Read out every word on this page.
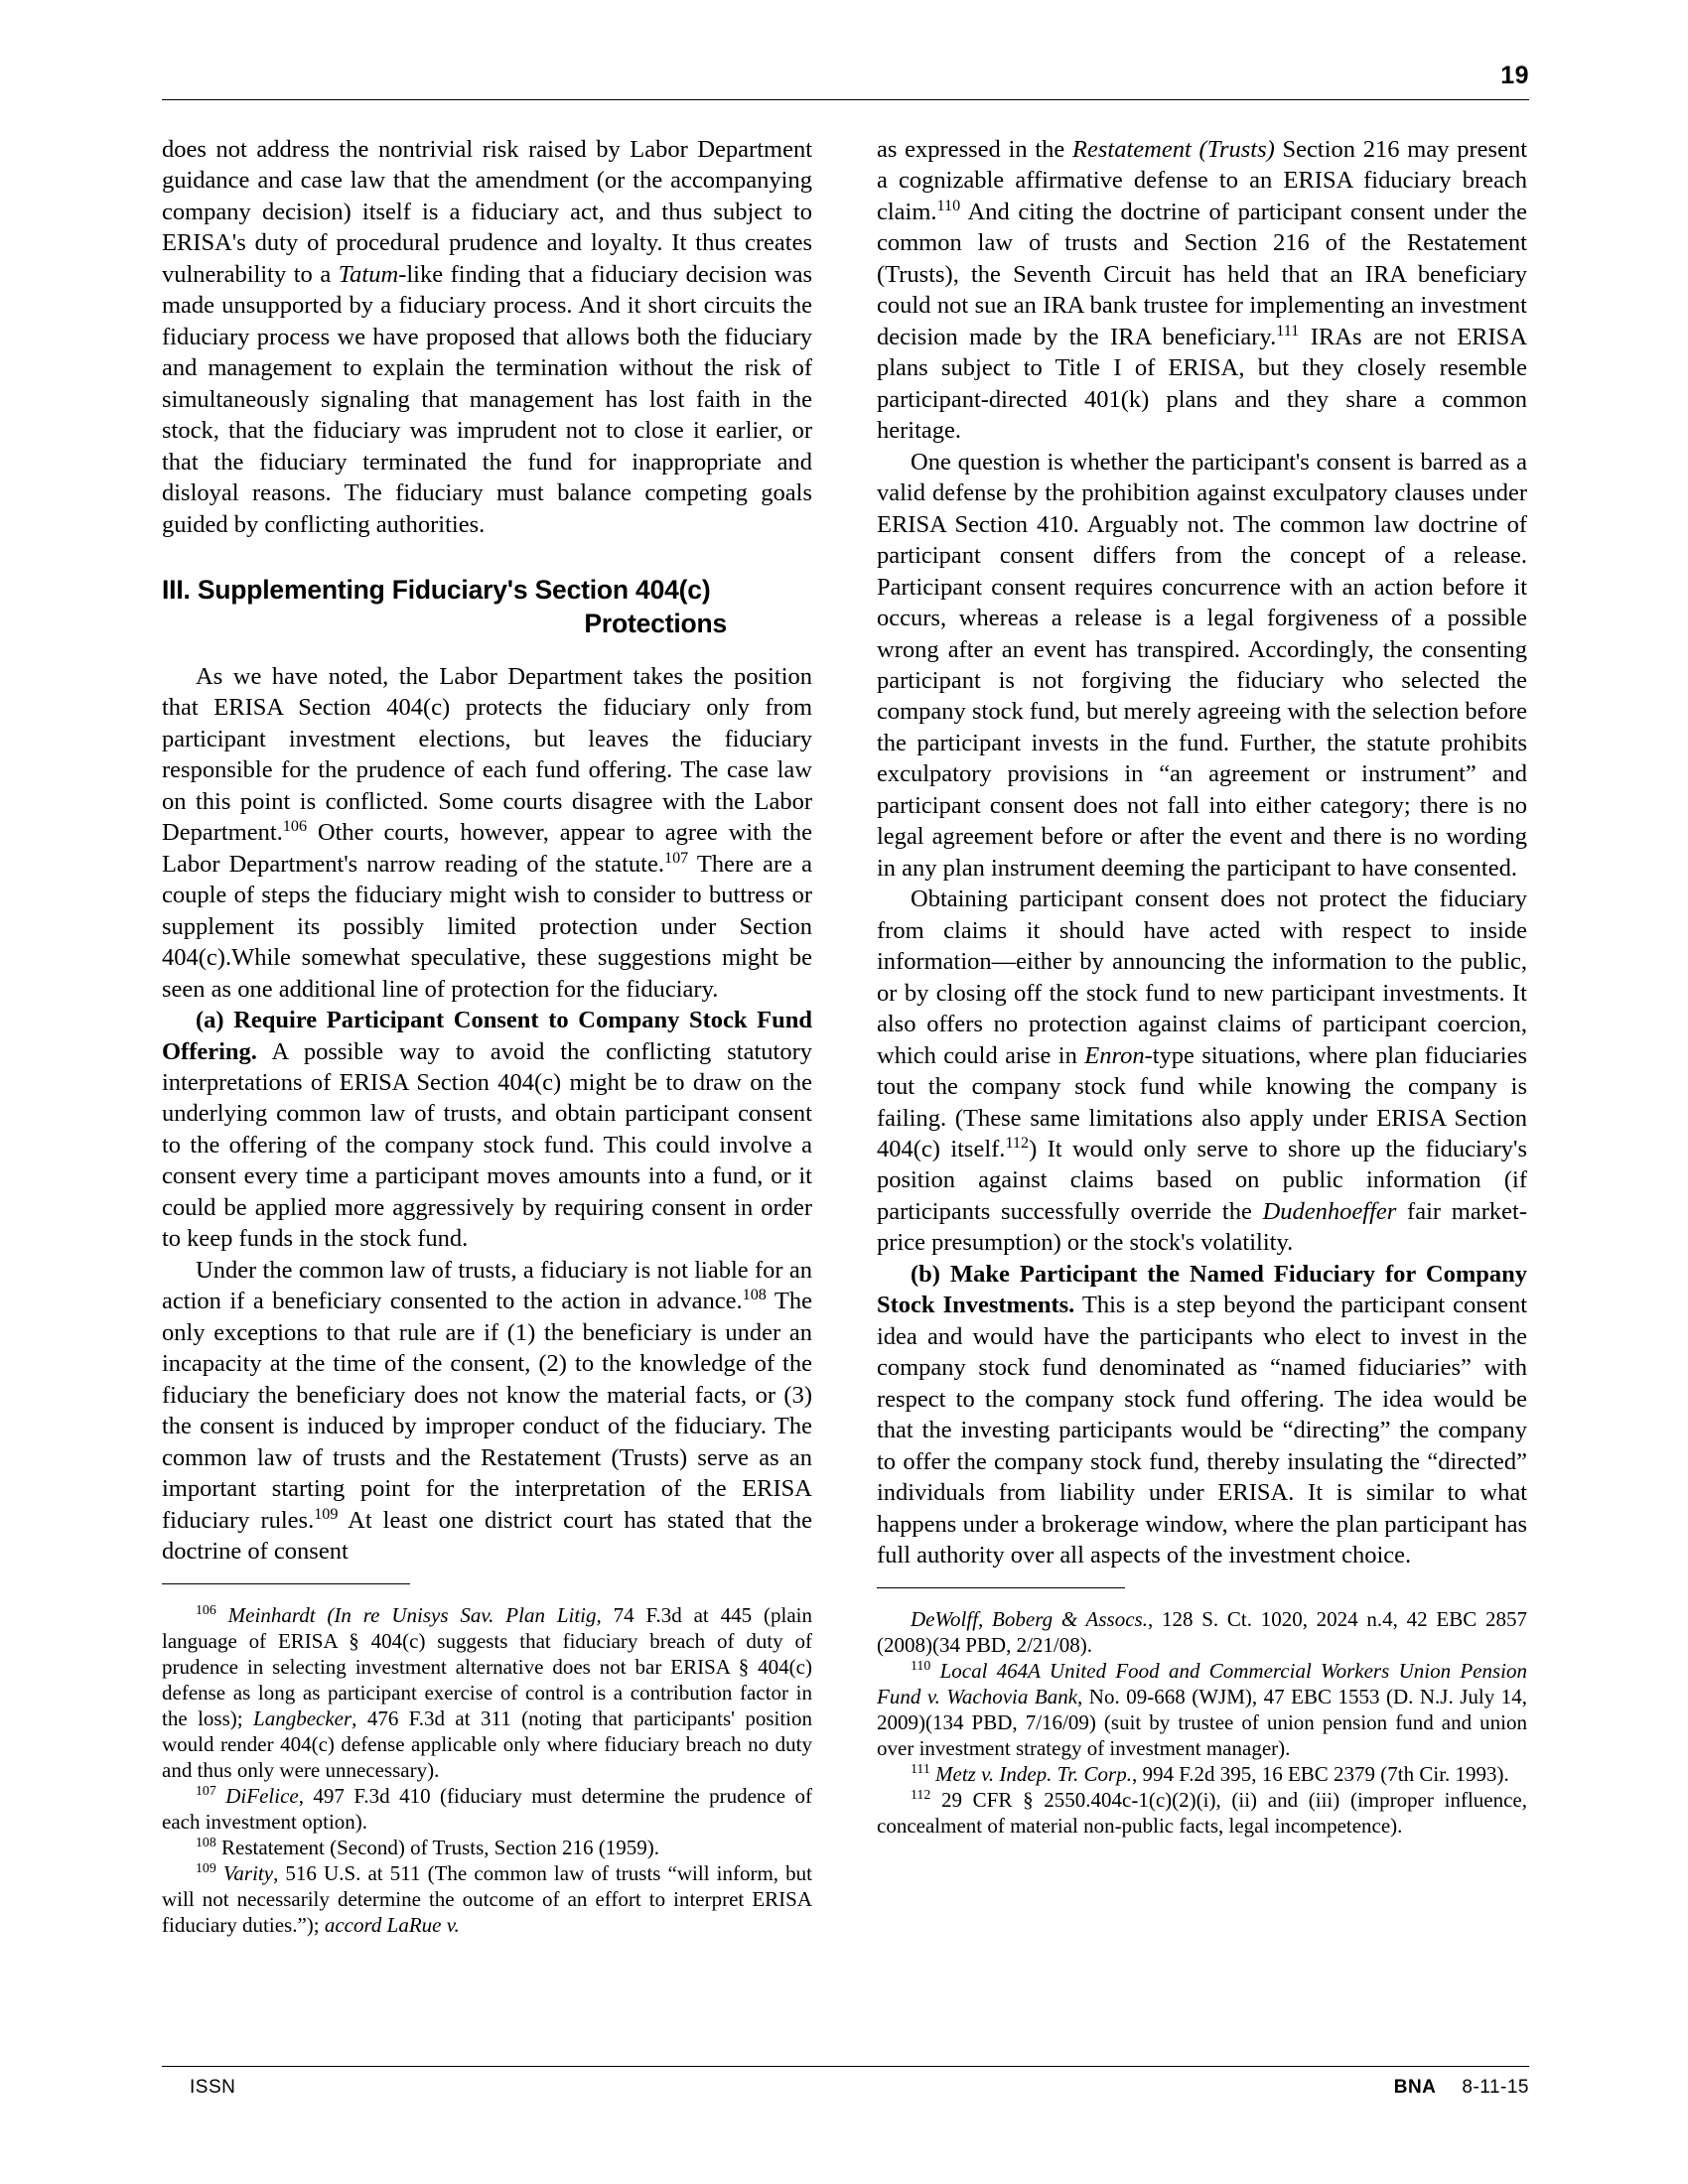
19

does not address the nontrivial risk raised by Labor Department guidance and case law that the amendment (or the accompanying company decision) itself is a fiduciary act, and thus subject to ERISA's duty of procedural prudence and loyalty. It thus creates vulnerability to a Tatum-like finding that a fiduciary decision was made unsupported by a fiduciary process. And it short circuits the fiduciary process we have proposed that allows both the fiduciary and management to explain the termination without the risk of simultaneously signaling that management has lost faith in the stock, that the fiduciary was imprudent not to close it earlier, or that the fiduciary terminated the fund for inappropriate and disloyal reasons. The fiduciary must balance competing goals guided by conflicting authorities.

III. Supplementing Fiduciary's Section 404(c)
Protections

As we have noted, the Labor Department takes the position that ERISA Section 404(c) protects the fiduciary only from participant investment elections, but leaves the fiduciary responsible for the prudence of each fund offering. The case law on this point is conflicted. Some courts disagree with the Labor Department.$^{106}$ Other courts, however, appear to agree with the Labor Department's narrow reading of the statute.$^{107}$ There are a couple of steps the fiduciary might wish to consider to buttress or supplement its possibly limited protection under Section 404(c).While somewhat speculative, these suggestions might be seen as one additional line of protection for the fiduciary.

(a) Require Participant Consent to Company Stock Fund Offering. A possible way to avoid the conflicting statutory interpretations of ERISA Section 404(c) might be to draw on the underlying common law of trusts, and obtain participant consent to the offering of the company stock fund. This could involve a consent every time a participant moves amounts into a fund, or it could be applied more aggressively by requiring consent in order to keep funds in the stock fund.

Under the common law of trusts, a fiduciary is not liable for an action if a beneficiary consented to the action in advance.$^{108}$ The only exceptions to that rule are if (1) the beneficiary is under an incapacity at the time of the consent, (2) to the knowledge of the fiduciary the beneficiary does not know the material facts, or (3) the consent is induced by improper conduct of the fiduciary. The common law of trusts and the Restatement (Trusts) serve as an important starting point for the interpretation of the ERISA fiduciary rules.$^{109}$ At least one district court has stated that the doctrine of consent

$^{106}$ Meinhardt (In re Unisys Sav. Plan Litig, 74 F.3d at 445 (plain language of ERISA § 404(c) suggests that fiduciary breach of duty of prudence in selecting investment alternative does not bar ERISA § 404(c) defense as long as participant exercise of control is a contribution factor in the loss); Langbecker, 476 F.3d at 311 (noting that participants' position would render 404(c) defense applicable only where fiduciary breach no duty and thus only were unnecessary).

$^{107}$ DiFelice, 497 F.3d 410 (fiduciary must determine the prudence of each investment option).

$^{108}$ Restatement (Second) of Trusts, Section 216 (1959).

$^{109}$ Varity, 516 U.S. at 511 (The common law of trusts “will inform, but will not necessarily determine the outcome of an effort to interpret ERISA fiduciary duties.”); accord LaRue v.

as expressed in the Restatement (Trusts) Section 216 may present a cognizable affirmative defense to an ERISA fiduciary breach claim.$^{110}$ And citing the doctrine of participant consent under the common law of trusts and Section 216 of the Restatement (Trusts), the Seventh Circuit has held that an IRA beneficiary could not sue an IRA bank trustee for implementing an investment decision made by the IRA beneficiary.$^{111}$ IRAs are not ERISA plans subject to Title I of ERISA, but they closely resemble participant-directed 401(k) plans and they share a common heritage.

One question is whether the participant's consent is barred as a valid defense by the prohibition against exculpatory clauses under ERISA Section 410. Arguably not. The common law doctrine of participant consent differs from the concept of a release. Participant consent requires concurrence with an action before it occurs, whereas a release is a legal forgiveness of a possible wrong after an event has transpired. Accordingly, the consenting participant is not forgiving the fiduciary who selected the company stock fund, but merely agreeing with the selection before the participant invests in the fund. Further, the statute prohibits exculpatory provisions in “an agreement or instrument” and participant consent does not fall into either category; there is no legal agreement before or after the event and there is no wording in any plan instrument deeming the participant to have consented.

Obtaining participant consent does not protect the fiduciary from claims it should have acted with respect to inside information—either by announcing the information to the public, or by closing off the stock fund to new participant investments. It also offers no protection against claims of participant coercion, which could arise in Enron-type situations, where plan fiduciaries tout the company stock fund while knowing the company is failing. (These same limitations also apply under ERISA Section 404(c) itself.$^{112}$) It would only serve to shore up the fiduciary's position against claims based on public information (if participants successfully override the Dudenhoeffer fair market-price presumption) or the stock's volatility.

(b) Make Participant the Named Fiduciary for Company Stock Investments. This is a step beyond the participant consent idea and would have the participants who elect to invest in the company stock fund denominated as “named fiduciaries” with respect to the company stock fund offering. The idea would be that the investing participants would be “directing” the company to offer the company stock fund, thereby insulating the “directed” individuals from liability under ERISA. It is similar to what happens under a brokerage window, where the plan participant has full authority over all aspects of the investment choice.

DeWolff, Boberg & Assocs., 128 S. Ct. 1020, 2024 n.4, 42 EBC 2857 (2008)(34 PBD, 2/21/08).

$^{110}$ Local 464A United Food and Commercial Workers Union Pension Fund v. Wachovia Bank, No. 09-668 (WJM), 47 EBC 1553 (D. N.J. July 14, 2009)(134 PBD, 7/16/09) (suit by trustee of union pension fund and union over investment strategy of investment manager).

$^{111}$ Metz v. Indep. Tr. Corp., 994 F.2d 395, 16 EBC 2379 (7th Cir. 1993).

$^{112}$ 29 CFR § 2550.404c-1(c)(2)(i), (ii) and (iii) (improper influence, concealment of material non-public facts, legal incompetence).

ISSN	BNA 8-11-15
